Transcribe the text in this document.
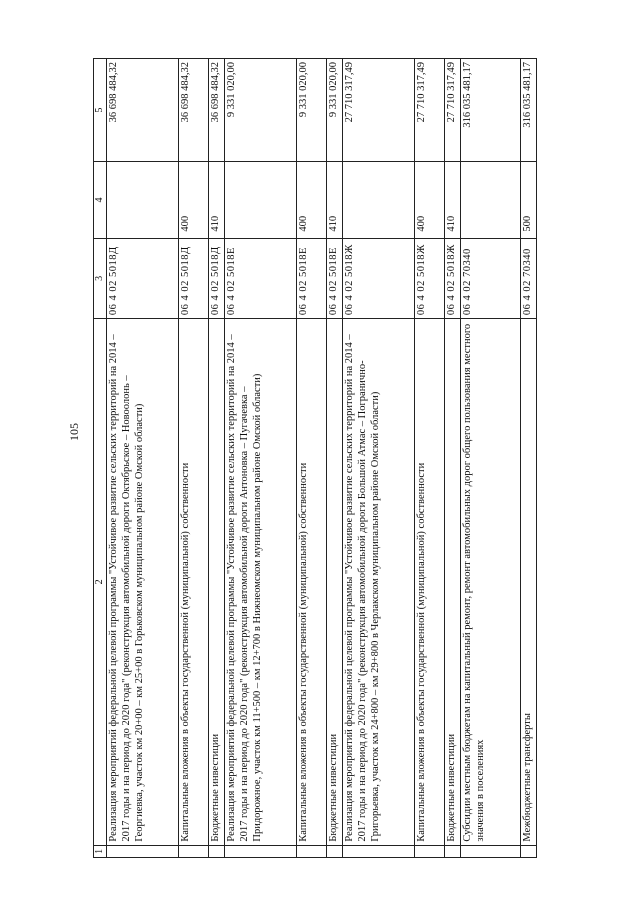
105
1	2	3	4	5
	Реализация мероприятий федеральной целевой программы "Устойчивое развитие сельских территорий на 2014 – 2017 годы и на период до 2020 года" (реконструкция автомобильной дороги Октябрьское – Новоолонь – Георгиевка, участок км 20+00 – км 25+00 в Горьковском муниципальном районе Омской области)	06 4 02 5018Д		36 698 484,32
	Капитальные вложения в объекты государственной (муниципальной) собственности	06 4 02 5018Д	400	36 698 484,32
	Бюджетные инвестиции	06 4 02 5018Д	410	36 698 484,32
	Реализация мероприятий федеральной целевой программы "Устойчивое развитие сельских территорий на 2014 – 2017 годы и на период до 2020 года" (реконструкция автомобильной дороги Антоновка – Пугачевка – Придорожное, участок км 11+500 – км 12+700 в Нижнеомском муниципальном районе Омской области)	06 4 02 5018Е		9 331 020,00
	Капитальные вложения в объекты государственной (муниципальной) собственности	06 4 02 5018Е	400	9 331 020,00
	Бюджетные инвестиции	06 4 02 5018Е	410	9 331 020,00
	Реализация мероприятий федеральной целевой программы "Устойчивое развитие сельских территорий на 2014 – 2017 годы и на период до 2020 года" (реконструкция автомобильной дороги Большой Атмас – Погранично-Григорьевка, участок км 24+800 – км 29+800 в Черлакском муниципальном районе Омской области)	06 4 02 5018Ж		27 710 317,49
	Капитальные вложения в объекты государственной (муниципальной) собственности	06 4 02 5018Ж	400	27 710 317,49
	Бюджетные инвестиции	06 4 02 5018Ж	410	27 710 317,49
	Субсидии местным бюджетам на капитальный ремонт, ремонт автомобильных дорог общего пользования местного значения в поселениях	06 4 02 70340		316 035 481,17
	Межбюджетные трансферты	06 4 02 70340	500	316 035 481,17
